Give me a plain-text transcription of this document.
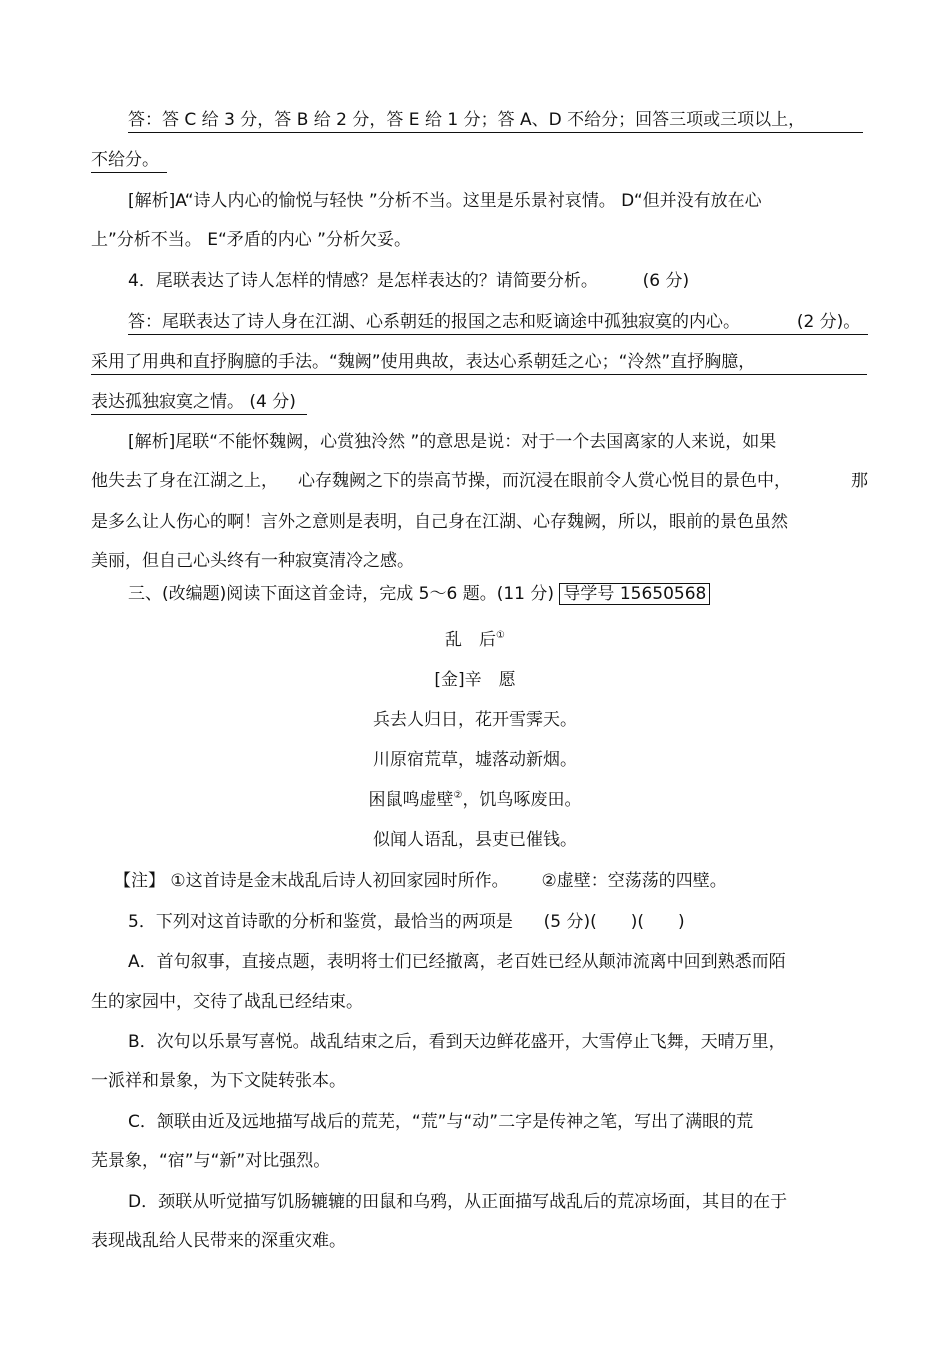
答：答 C 给 3 分，答 B 给 2 分，答 E 给 1 分；答 A、D 不给分；回答三项或三项以上，
不给分。
[解析]A“诗人内心的愉悦与轻快 ”分析不当。这里是乐景衬哀情。 D“但并没有放在心
上”分析不当。 E“矛盾的内心 ”分析欠妥。
4．尾联表达了诗人怎样的情感？是怎样表达的？请简要分析。	(6 分)
答：尾联表达了诗人身在江湖、心系朝廷的报国之志和贬谪途中孤独寂寞的内心。	(2 分)。
采用了用典和直抒胸臆的手法。“魏阙”使用典故，表达心系朝廷之心；“泠然”直抒胸臆，
表达孤独寂寞之情。 (4 分)
[解析]尾联“不能怀魏阙，心赏独泠然 ”的意思是说：对于一个去国离家的人来说，如果
他失去了身在江湖之上， 心存魏阙之下的崇高节操，而沉浸在眼前令人赏心悦目的景色中，	那
是多么让人伤心的啊！言外之意则是表明，自己身在江湖、心存魏阙，所以，眼前的景色虽然
美丽，但自己心头终有一种寂寞清冷之感。
三、(改编题)阅读下面这首金诗，完成 5～6 题。(11 分) 导学号 15650568
乱　后①
[金]辛　愿
兵去人归日，花开雪霁天。
川原宿荒草，墟落动新烟。
困鼠鸣虚壁②，饥鸟啄废田。
似闻人语乱，县吏已催钱。
【注】 ①这首诗是金末战乱后诗人初回家园时所作。 ②虚壁：空荡荡的四壁。
5．下列对这首诗歌的分析和鉴赏，最恰当的两项是 (5 分)(　　)(　　)
A．首句叙事，直接点题，表明将士们已经撤离，老百姓已经从颠沛流离中回到熟悉而陌
生的家园中，交待了战乱已经结束。
B．次句以乐景写喜悦。战乱结束之后，看到天边鲜花盛开，大雪停止飞舞，天晴万里，
一派祥和景象，为下文陡转张本。
C．颔联由近及远地描写战后的荒芜，“荒”与“动”二字是传神之笔，写出了满眼的荒
芜景象，“宿”与“新”对比强烈。
D．颈联从听觉描写饥肠辘辘的田鼠和乌鸦，从正面描写战乱后的荒凉场面，其目的在于
表现战乱给人民带来的深重灾难。
